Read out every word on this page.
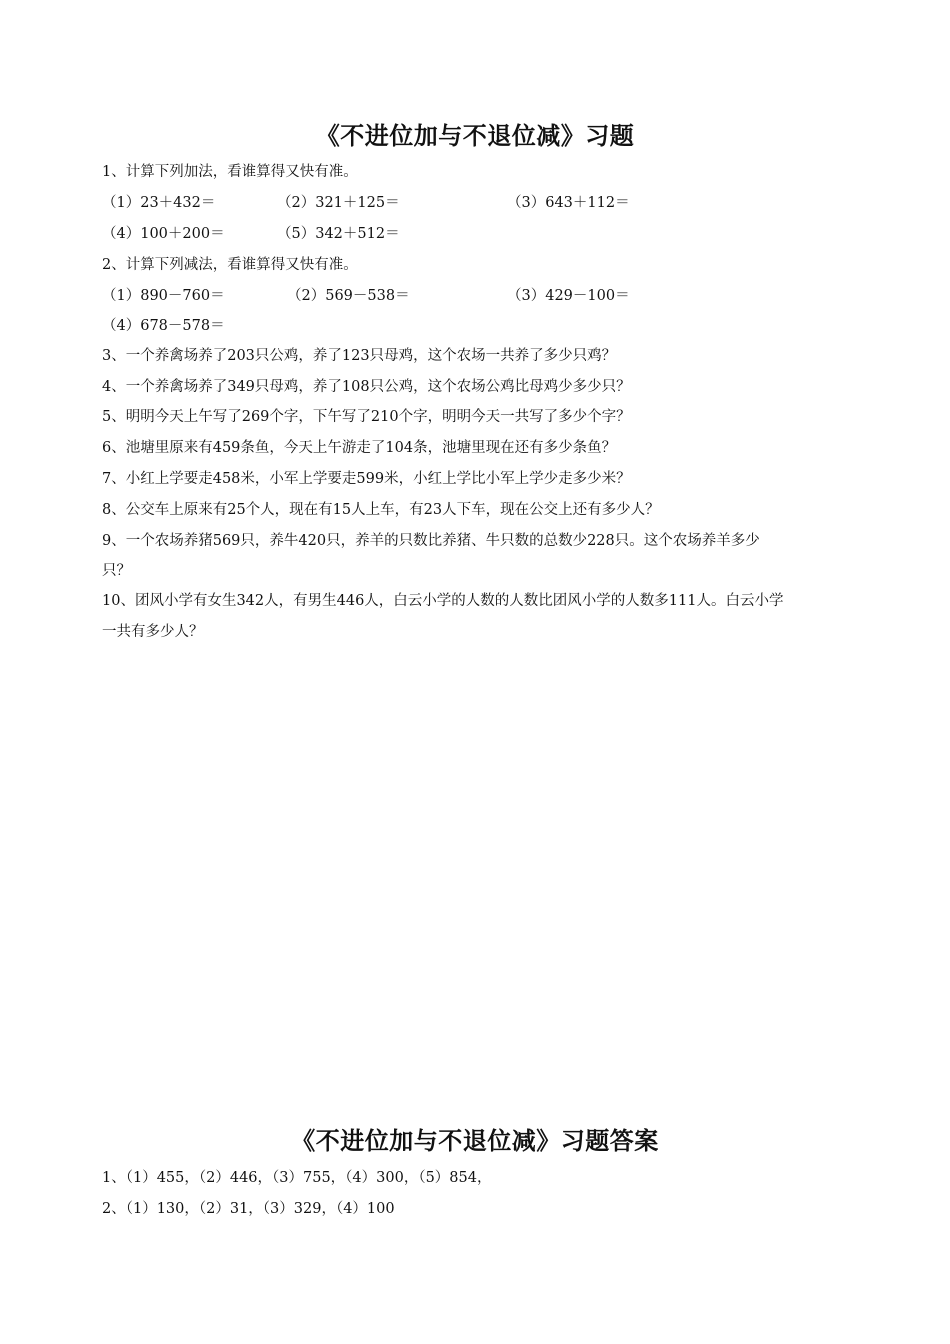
《不进位加与不退位减》习题
1、计算下列加法，看谁算得又快有准。
（1）23＋432＝	（2）321＋125＝	（3）643＋112＝
（4）100＋200＝	（5）342＋512＝
2、计算下列减法，看谁算得又快有准。
（1）890－760＝	（2）569－538＝	（3）429－100＝
（4）678－578＝
3、一个养禽场养了203只公鸡，养了123只母鸡，这个农场一共养了多少只鸡？
4、一个养禽场养了349只母鸡，养了108只公鸡，这个农场公鸡比母鸡少多少只？
5、明明今天上午写了269个字，下午写了210个字，明明今天一共写了多少个字？
6、池塘里原来有459条鱼，今天上午游走了104条，池塘里现在还有多少条鱼？
7、小红上学要走458米，小军上学要走599米，小红上学比小军上学少走多少米？
8、公交车上原来有25个人，现在有15人上车，有23人下车，现在公交上还有多少人？
9、一个农场养猪569只，养牛420只，养羊的只数比养猪、牛只数的总数少228只。这个农场养羊多少
只？
10、团风小学有女生342人，有男生446人，白云小学的人数的人数比团风小学的人数多111人。白云小学
一共有多少人？
《不进位加与不退位减》习题答案
1、（1）455，（2）446，（3）755，（4）300，（5）854，
2、（1）130，（2）31，（3）329，（4）100
